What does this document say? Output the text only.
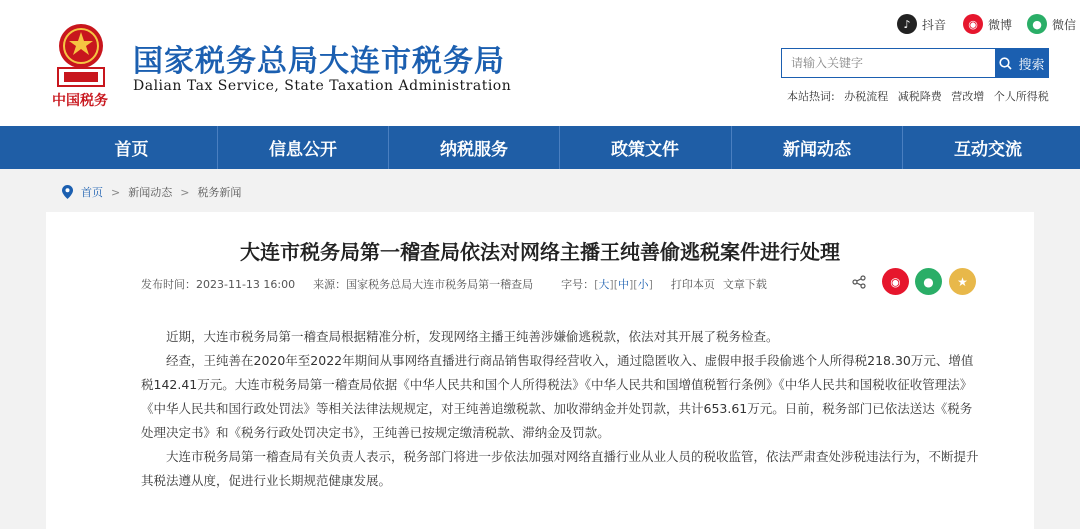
中国税务
国家税务总局大连市税务局
Dalian Tax Service, State Taxation Administration
♪ 抖音	◉ 微博	● 微信
请输入关键字
搜索
本站热词: 办税流程 减税降费 营改增 个人所得税
首页	信息公开	纳税服务	政策文件	新闻动态	互动交流
首页 > 新闻动态 > 税务新闻
大连市税务局第一稽查局依法对网络主播王纯善偷逃税案件进行处理
发布时间： 2023-11-13 16:00 来源： 国家税务总局大连市税务局第一稽查局	字号： [ 大 ][ 中 ][ 小 ] 打印本页 文章下载	◉ ● ★

近期，大连市税务局第一稽查局根据精准分析，发现网络主播王纯善涉嫌偷逃税款，依法对其开展了税务检查。

经查，王纯善在2020年至2022年期间从事网络直播进行商品销售取得经营收入，通过隐匿收入、虚假申报手段偷逃个人所得税218.30万元、增值税142.41万元。大连市税务局第一稽查局依据《中华人民共和国个人所得税法》《中华人民共和国增值税暂行条例》《中华人民共和国税收征收管理法》《中华人民共和国行政处罚法》等相关法律法规规定，对王纯善追缴税款、加收滞纳金并处罚款，共计653.61万元。日前，税务部门已依法送达《税务处理决定书》和《税务行政处罚决定书》，王纯善已按规定缴清税款、滞纳金及罚款。

大连市税务局第一稽查局有关负责人表示，税务部门将进一步依法加强对网络直播行业从业人员的税收监管，依法严肃查处涉税违法行为，不断提升其税法遵从度，促进行业长期规范健康发展。
